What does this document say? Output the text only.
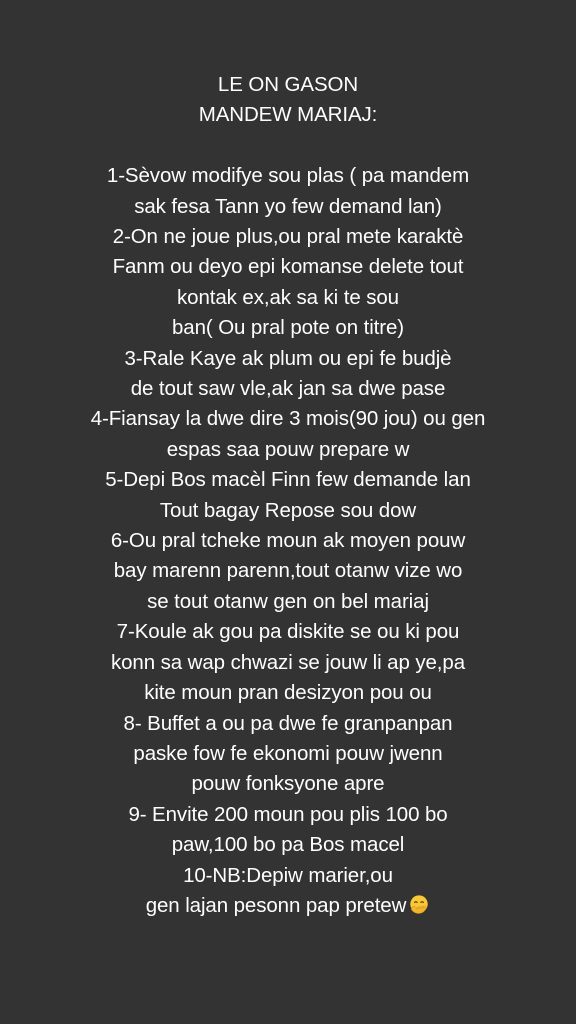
LE ON GASON
MANDEW MARIAJ:
1-Sèvow modifye sou plas ( pa mandem
sak fesa Tann yo few demand lan)
2-On ne joue plus,ou pral mete karaktè
Fanm ou deyo epi komanse delete tout
kontak ex,ak sa ki te sou
ban( Ou pral pote on titre)
3-Rale Kaye ak plum ou epi fe budjè
de tout saw vle,ak jan sa dwe pase
4-Fiansay la dwe dire 3 mois(90 jou) ou gen
espas saa pouw prepare w
5-Depi Bos macèl Finn few demande lan
Tout bagay Repose sou dow
6-Ou pral tcheke moun ak moyen pouw
bay marenn parenn,tout otanw vize wo
se tout otanw gen on bel mariaj
7-Koule ak gou pa diskite se ou ki pou
konn sa wap chwazi se jouw li ap ye,pa
kite moun pran desizyon pou ou
8- Buffet a ou pa dwe fe granpanpan
paske fow fe ekonomi pouw jwenn
pouw fonksyone apre
9- Envite 200 moun pou plis 100 bo
paw,100 bo pa Bos macel
10-NB:Depiw marier,ou
gen lajan pesonn pap pretew
